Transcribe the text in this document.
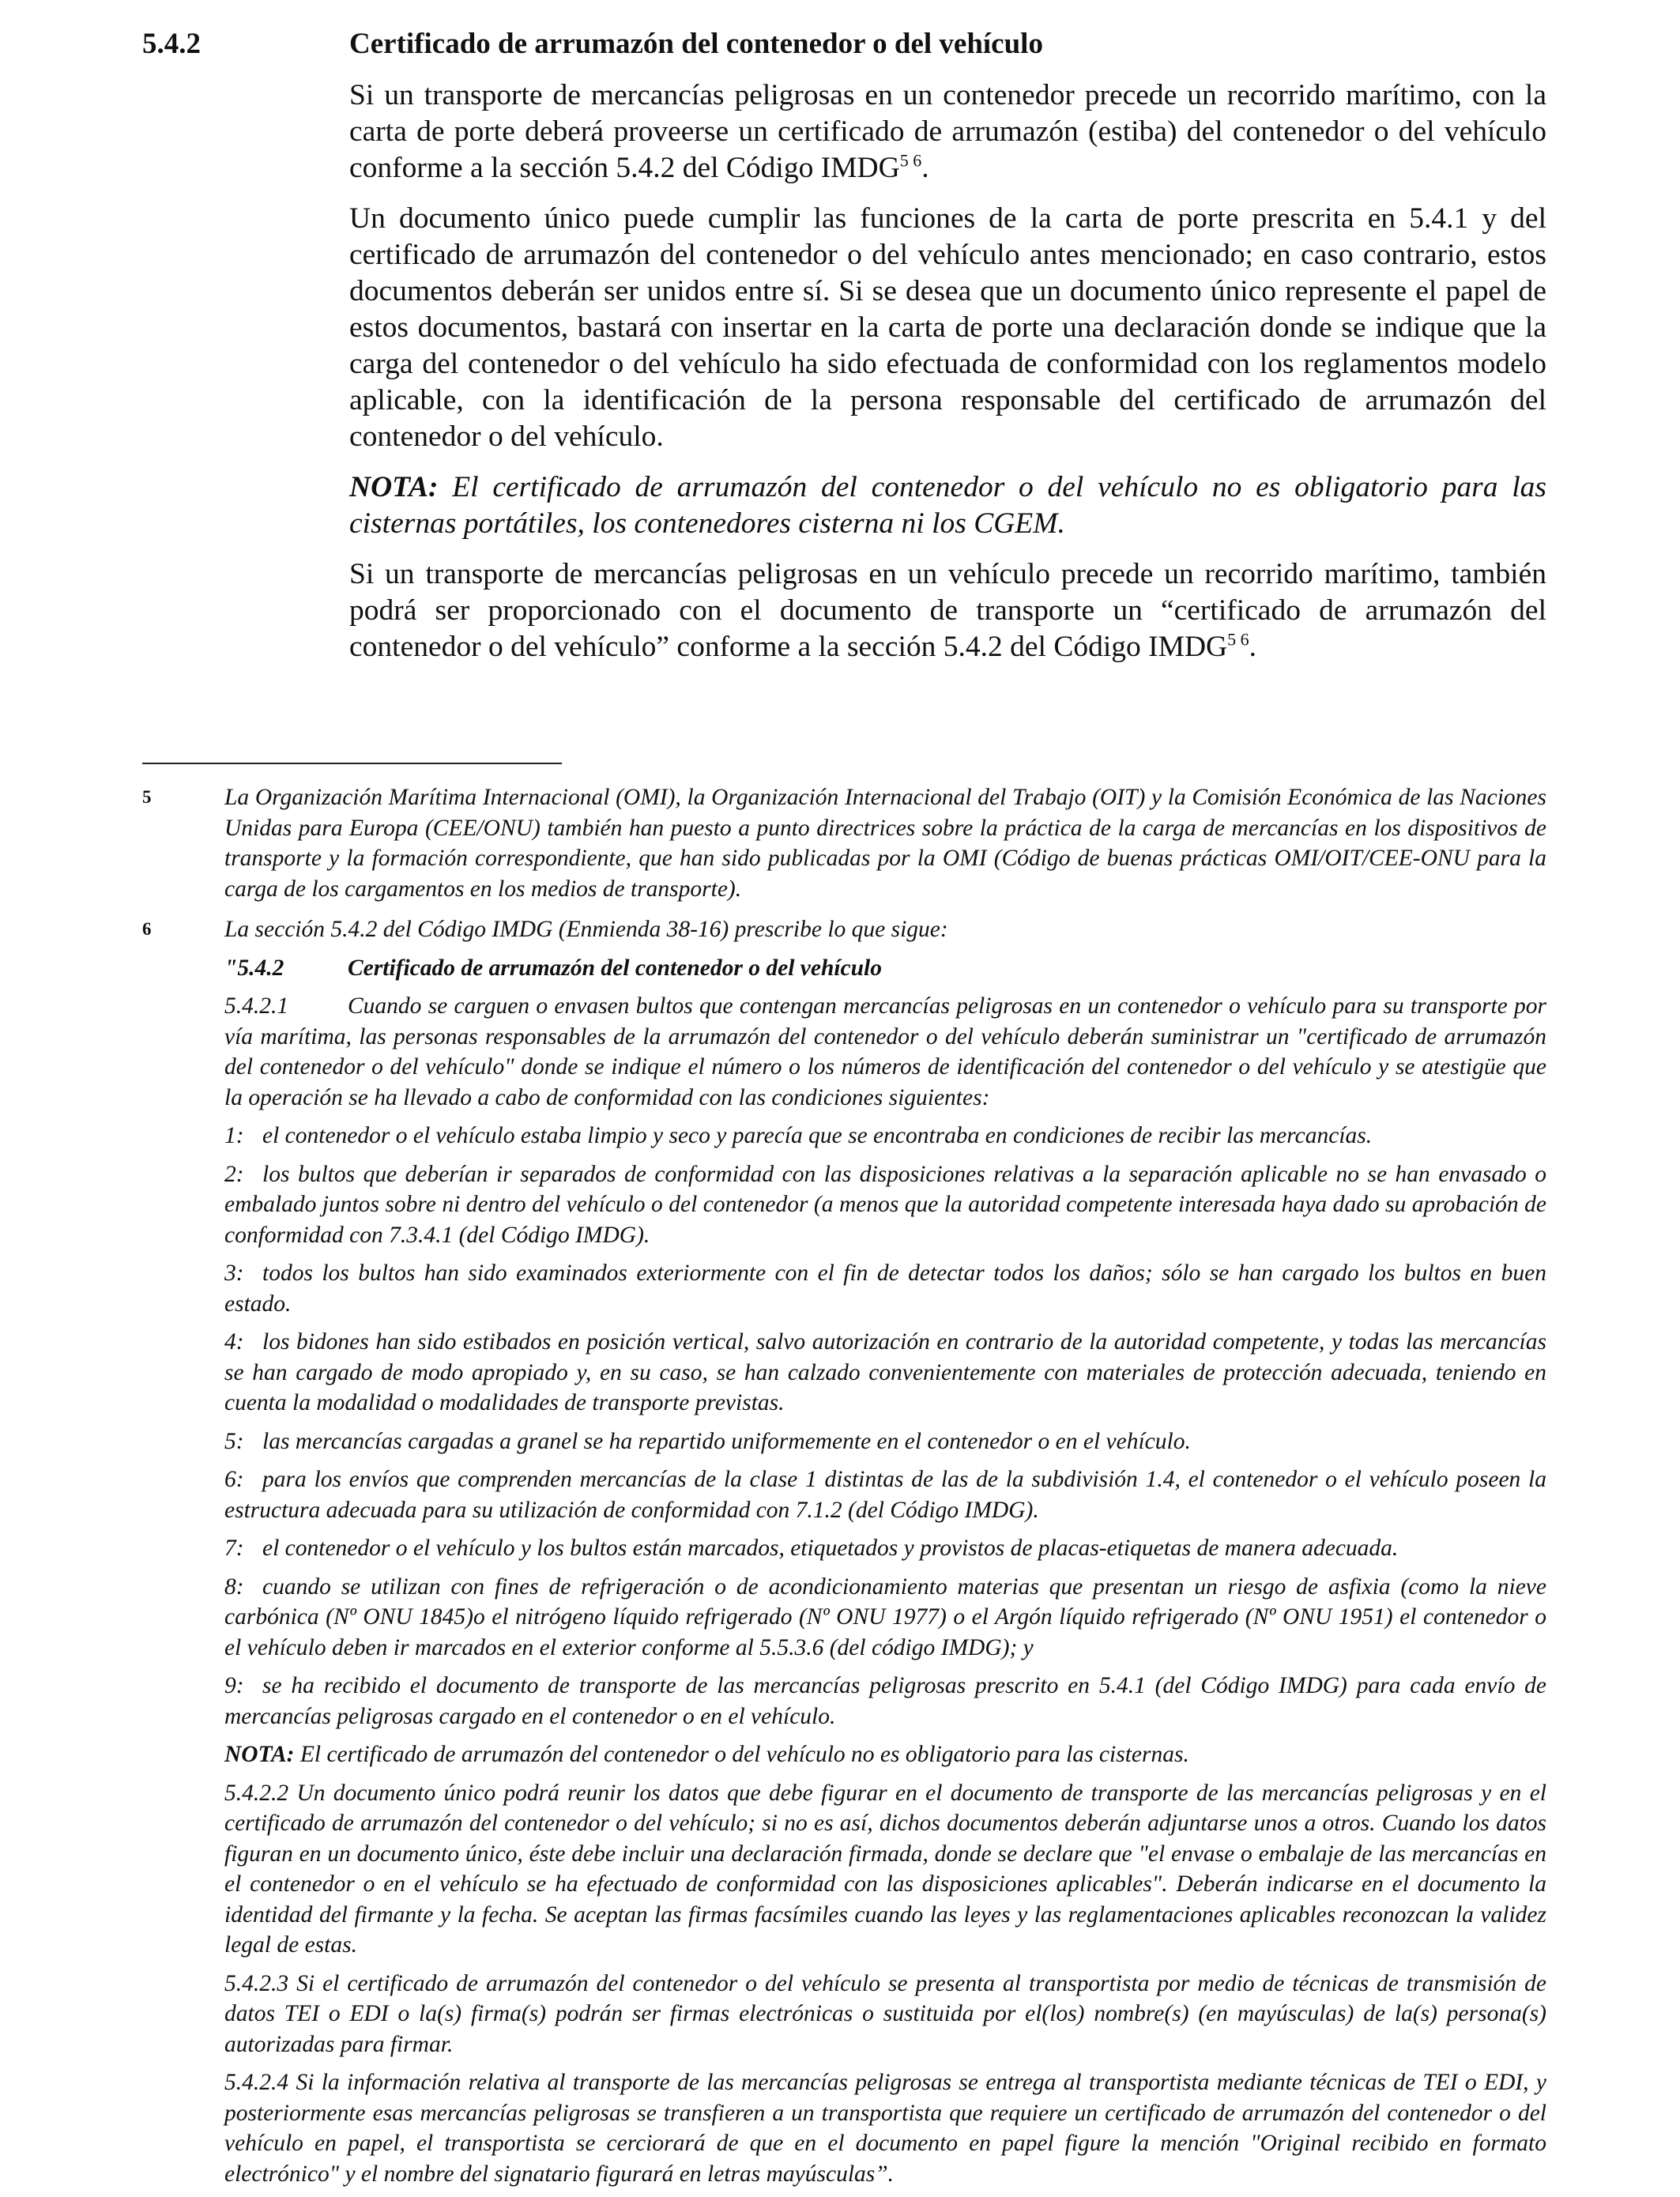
5.4.2	Certificado de arrumazón del contenedor o del vehículo

Si un transporte de mercancías peligrosas en un contenedor precede un recorrido marítimo, con la carta de porte deberá proveerse un certificado de arrumazón (estiba) del contenedor o del vehículo conforme a la sección 5.4.2 del Código $IMDG^{5 6}$.

Un documento único puede cumplir las funciones de la carta de porte prescrita en 5.4.1 y del certificado de arrumazón del contenedor o del vehículo antes mencionado; en caso contrario, estos documentos deberán ser unidos entre sí. Si se desea que un documento único represente el papel de estos documentos, bastará con insertar en la carta de porte una declaración donde se indique que la carga del contenedor o del vehículo ha sido efectuada de conformidad con los reglamentos modelo aplicable, con la identificación de la persona responsable del certificado de arrumazón del contenedor o del vehículo.

NOTA: El certificado de arrumazón del contenedor o del vehículo no es obligatorio para las cisternas portátiles, los contenedores cisterna ni los CGEM.

Si un transporte de mercancías peligrosas en un vehículo precede un recorrido marítimo, también podrá ser proporcionado con el documento de transporte un “certificado de arrumazón del contenedor o del vehículo” conforme a la sección 5.4.2 del Código $IMDG^{5 6}$.

5	La Organización Marítima Internacional (OMI), la Organización Internacional del Trabajo (OIT) y la Comisión Económica de las Naciones Unidas para Europa (CEE/ONU) también han puesto a punto directrices sobre la práctica de la carga de mercancías en los dispositivos de transporte y la formación correspondiente, que han sido publicadas por la OMI (Código de buenas prácticas OMI/OIT/CEE-ONU para la carga de los cargamentos en los medios de transporte).

6	La sección 5.4.2 del Código IMDG (Enmienda 38-16) prescribe lo que sigue:

"5.4.2	Certificado de arrumazón del contenedor o del vehículo

5.4.2.1	Cuando se carguen o envasen bultos que contengan mercancías peligrosas en un contenedor o vehículo para su transporte por vía marítima, las personas responsables de la arrumazón del contenedor o del vehículo deberán suministrar un "certificado de arrumazón del contenedor o del vehículo" donde se indique el número o los números de identificación del contenedor o del vehículo y se atestigüe que la operación se ha llevado a cabo de conformidad con las condiciones siguientes:

1: el contenedor o el vehículo estaba limpio y seco y parecía que se encontraba en condiciones de recibir las mercancías.

2: los bultos que deberían ir separados de conformidad con las disposiciones relativas a la separación aplicable no se han envasado o embalado juntos sobre ni dentro del vehículo o del contenedor (a menos que la autoridad competente interesada haya dado su aprobación de conformidad con 7.3.4.1 (del Código IMDG).

3: todos los bultos han sido examinados exteriormente con el fin de detectar todos los daños; sólo se han cargado los bultos en buen estado.

4: los bidones han sido estibados en posición vertical, salvo autorización en contrario de la autoridad competente, y todas las mercancías se han cargado de modo apropiado y, en su caso, se han calzado convenientemente con materiales de protección adecuada, teniendo en cuenta la modalidad o modalidades de transporte previstas.

5: las mercancías cargadas a granel se ha repartido uniformemente en el contenedor o en el vehículo.

6: para los envíos que comprenden mercancías de la clase 1 distintas de las de la subdivisión 1.4, el contenedor o el vehículo poseen la estructura adecuada para su utilización de conformidad con 7.1.2 (del Código IMDG).

7: el contenedor o el vehículo y los bultos están marcados, etiquetados y provistos de placas-etiquetas de manera adecuada.

8: cuando se utilizan con fines de refrigeración o de acondicionamiento materias que presentan un riesgo de asfixia (como la nieve carbónica (Nº ONU 1845)o el nitrógeno líquido refrigerado (Nº ONU 1977) o el Argón líquido refrigerado (Nº ONU 1951) el contenedor o el vehículo deben ir marcados en el exterior conforme al 5.5.3.6 (del código IMDG); y

9: se ha recibido el documento de transporte de las mercancías peligrosas prescrito en 5.4.1 (del Código IMDG) para cada envío de mercancías peligrosas cargado en el contenedor o en el vehículo.

NOTA: El certificado de arrumazón del contenedor o del vehículo no es obligatorio para las cisternas.

5.4.2.2 Un documento único podrá reunir los datos que debe figurar en el documento de transporte de las mercancías peligrosas y en el certificado de arrumazón del contenedor o del vehículo; si no es así, dichos documentos deberán adjuntarse unos a otros. Cuando los datos figuran en un documento único, éste debe incluir una declaración firmada, donde se declare que "el envase o embalaje de las mercancías en el contenedor o en el vehículo se ha efectuado de conformidad con las disposiciones aplicables". Deberán indicarse en el documento la identidad del firmante y la fecha. Se aceptan las firmas facsímiles cuando las leyes y las reglamentaciones aplicables reconozcan la validez legal de estas.

5.4.2.3 Si el certificado de arrumazón del contenedor o del vehículo se presenta al transportista por medio de técnicas de transmisión de datos TEI o EDI o la(s) firma(s) podrán ser firmas electrónicas o sustituida por el(los) nombre(s) (en mayúsculas) de la(s) persona(s) autorizadas para firmar.

5.4.2.4 Si la información relativa al transporte de las mercancías peligrosas se entrega al transportista mediante técnicas de TEI o EDI, y posteriormente esas mercancías peligrosas se transfieren a un transportista que requiere un certificado de arrumazón del contenedor o del vehículo en papel, el transportista se cerciorará de que en el documento en papel figure la mención "Original recibido en formato electrónico" y el nombre del signatario figurará en letras mayúsculas”.
